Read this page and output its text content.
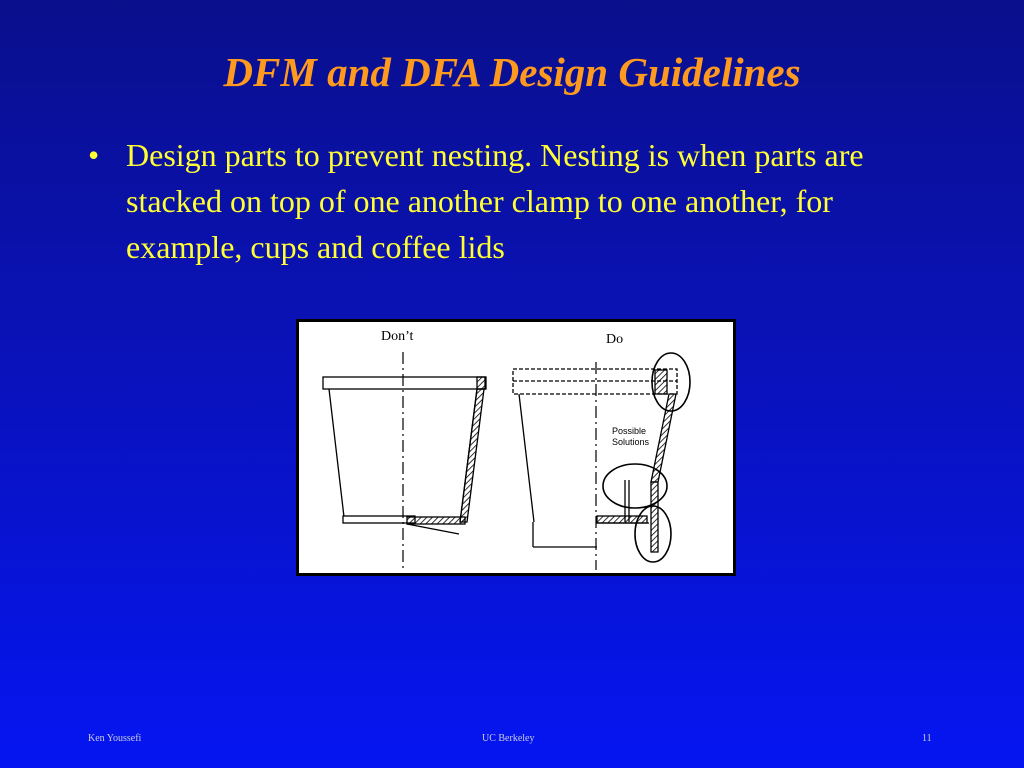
DFM and DFA Design Guidelines
• Design parts to prevent nesting. Nesting is when parts are stacked on top of one another clamp to one another, for example, cups and coffee lids
Don’t	Do
Possible
Solutions
Ken Youssefi	UC Berkeley	11
